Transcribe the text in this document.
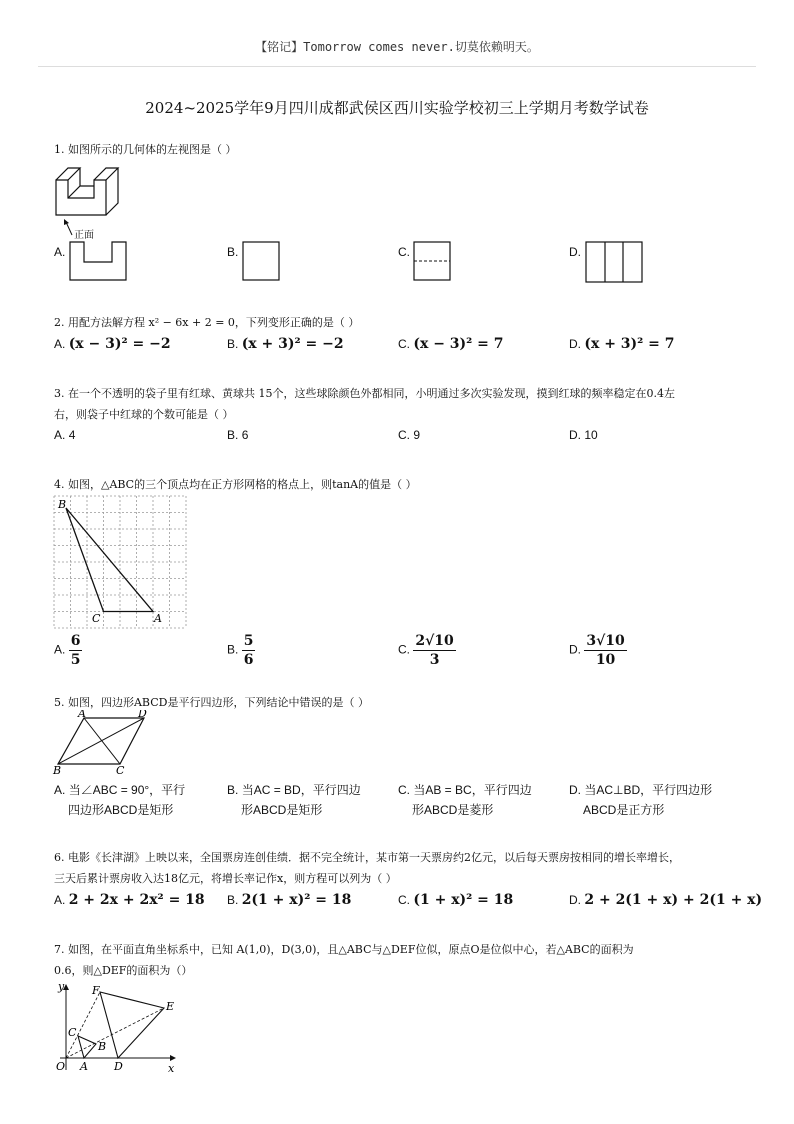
【铭记】Tomorrow comes never.切莫依赖明天。
2024~2025学年9月四川成都武侯区西川实验学校初三上学期月考数学试卷
1. 如图所示的几何体的左视图是（ ）
正面
A.	B.	C.	D.
2. 用配方法解方程 x² − 6x + 2 = 0，下列变形正确的是（ ）
A. (x − 3)² = −2	B. (x + 3)² = −2	C. (x − 3)² = 7	D. (x + 3)² = 7
3. 在一个不透明的袋子里有红球、黄球共 15个，这些球除颜色外都相同，小明通过多次实验发现，摸到红球的频率稳定在0.4左
右，则袋子中红球的个数可能是（ ）
A. 4	B. 6	C. 9	D. 10
4. 如图，△ABC的三个顶点均在正方形网格的格点上，则tanA的值是（ ）
B
C	A
A. $\frac{6}{5}$	B. $\frac{5}{6}$	C. $\frac{2√10}{3}$	D. $\frac{3√10}{10}$
5. 如图，四边形ABCD是平行四边形，下列结论中错误的是（ ）
A	D
B	C
A. 当∠ABC = 90°，平行
四边形ABCD是矩形
B. 当AC = BD，平行四边
形ABCD是矩形
C. 当AB = BC，平行四边
形ABCD是菱形
D. 当AC⊥BD，平行四边形
ABCD是正方形
6. 电影《长津湖》上映以来，全国票房连创佳绩．据不完全统计，某市第一天票房约2亿元，以后每天票房按相同的增长率增长，
三天后累计票房收入达18亿元，将增长率记作x，则方程可以列为（ ）
A. 2 + 2x + 2x² = 18 B. 2(1 + x)² = 18	C. (1 + x)² = 18	D. 2 + 2(1 + x) + 2(1 + x)
7. 如图，在平面直角坐标系中，已知 A(1,0)，D(3,0)，且△ABC与△DEF位似，原点O是位似中心，若△ABC的面积为
0.6，则△DEF的面积为（）
y
x
O A D
B
C
E
F
